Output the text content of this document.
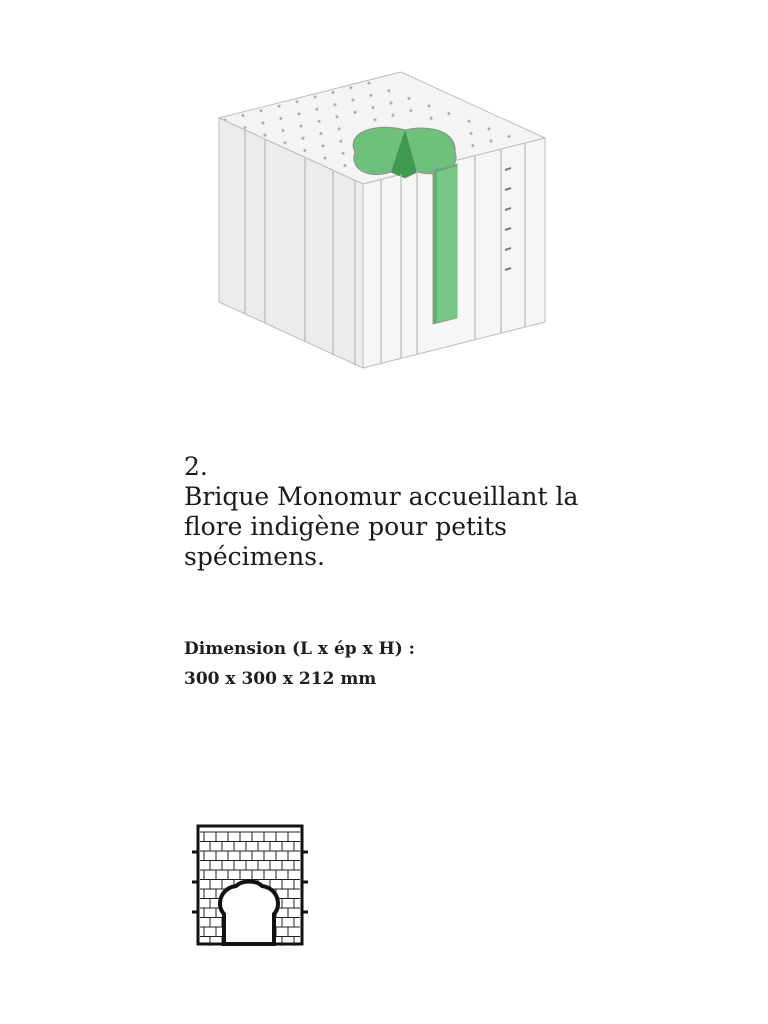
2.
Brique Monomur accueillant la flore indigène pour petits spécimens.
Dimension (L x ép x H) :
300 x 300 x 212 mm
